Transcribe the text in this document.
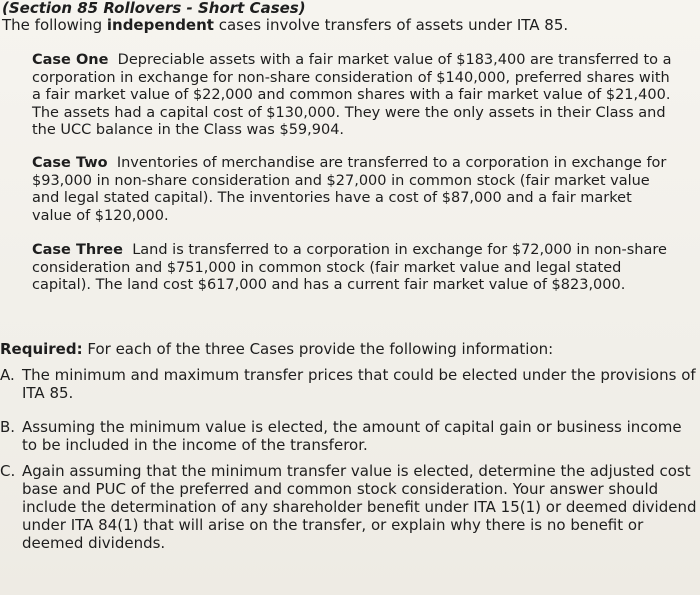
(Section 85 Rollovers - Short Cases)
The following independent cases involve transfers of assets under ITA 85.
Case One Depreciable assets with a fair market value of $183,400 are transferred to a corporation in exchange for non-share consideration of $140,000, preferred shares with a fair market value of $22,000 and common shares with a fair market value of $21,400. The assets had a capital cost of $130,000. They were the only assets in their Class and the UCC balance in the Class was $59,904.
Case Two Inventories of merchandise are transferred to a corporation in exchange for $93,000 in non-share consideration and $27,000 in common stock (fair market value and legal stated capital). The inventories have a cost of $87,000 and a fair market value of $120,000.
Case Three Land is transferred to a corporation in exchange for $72,000 in non-share consideration and $751,000 in common stock (fair market value and legal stated capital). The land cost $617,000 and has a current fair market value of $823,000.
Required: For each of the three Cases provide the following information:
A. The minimum and maximum transfer prices that could be elected under the provisions of ITA 85.
B. Assuming the minimum value is elected, the amount of capital gain or business income to be included in the income of the transferor.
C. Again assuming that the minimum transfer value is elected, determine the adjusted cost base and PUC of the preferred and common stock consideration. Your answer should include the determination of any shareholder benefit under ITA 15(1) or deemed dividend under ITA 84(1) that will arise on the transfer, or explain why there is no benefit or deemed dividends.
